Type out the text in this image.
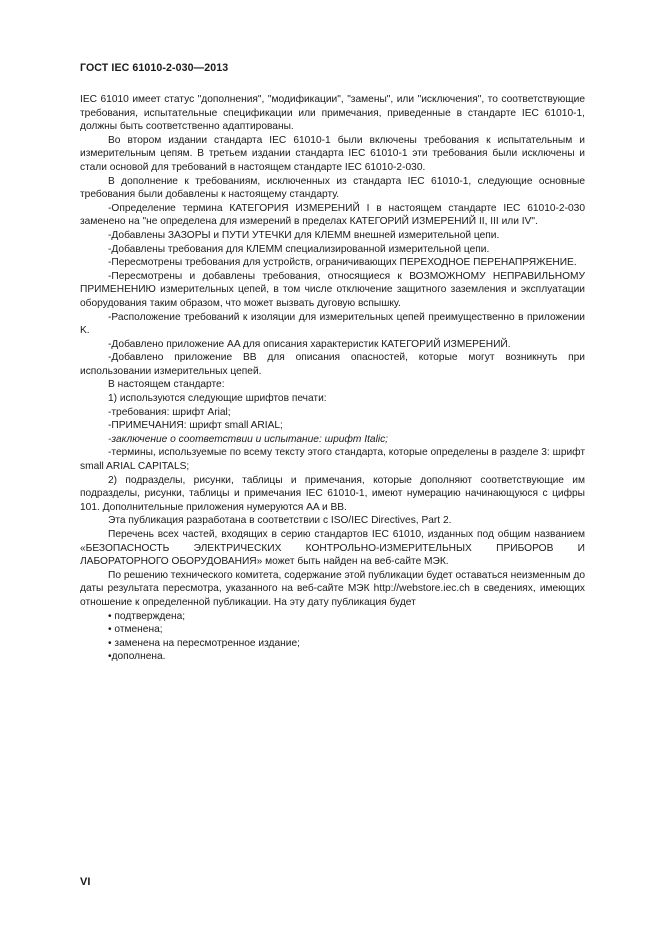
ГОСТ IEC 61010-2-030—2013

IEC 61010 имеет статус "дополнения", "модификации", "замены", или "исключения", то соответствующие требования, испытательные спецификации или примечания, приведенные в стандарте IEC 61010-1, должны быть соответственно адаптированы.

Во втором издании стандарта IEC 61010-1 были включены требования к испытательным и измерительным цепям. В третьем издании стандарта IEC 61010-1 эти требования были исключены и стали основой для требований в настоящем стандарте IEC 61010-2-030.

В дополнение к требованиям, исключенных из стандарта IEC 61010-1, следующие основные требования были добавлены к настоящему стандарту.

-Определение термина КАТЕГОРИЯ ИЗМЕРЕНИЙ I в настоящем стандарте IEC 61010-2-030 заменено на "не определена для измерений в пределах КАТЕГОРИЙ ИЗМЕРЕНИЙ II, III или IV".

-Добавлены ЗАЗОРЫ и ПУТИ УТЕЧКИ для КЛЕММ внешней измерительной цепи.

-Добавлены требования для КЛЕММ специализированной измерительной цепи.

-Пересмотрены требования для устройств, ограничивающих ПЕРЕХОДНОЕ ПЕРЕНАПРЯЖЕНИЕ.

-Пересмотрены и добавлены требования, относящиеся к ВОЗМОЖНОМУ НЕПРАВИЛЬНОМУ ПРИМЕНЕНИЮ измерительных цепей, в том числе отключение защитного заземления и эксплуатации оборудования таким образом, что может вызвать дуговую вспышку.

-Расположение требований к изоляции для измерительных цепей преимущественно в приложении K.

-Добавлено приложение AA для описания характеристик КАТЕГОРИЙ ИЗМЕРЕНИЙ.

-Добавлено приложение BB для описания опасностей, которые могут возникнуть при использовании измерительных цепей.

В настоящем стандарте:

1) используются следующие шрифтов печати:

-требования: шрифт Arial;

-ПРИМЕЧАНИЯ: шрифт small ARIAL;

-заключение о соответствии и испытание: шрифт Italic;

-термины, используемые по всему тексту этого стандарта, которые определены в разделе 3: шрифт small ARIAL CAPITALS;

2) подразделы, рисунки, таблицы и примечания, которые дополняют соответствующие им подразделы, рисунки, таблицы и примечания IEC 61010-1, имеют нумерацию начинающуюся с цифры 101. Дополнительные приложения нумеруются AA и BB.

Эта публикация разработана в соответствии с ISO/IEC Directives, Part 2.

Перечень всех частей, входящих в серию стандартов IEC 61010, изданных под общим названием «БЕЗОПАСНОСТЬ ЭЛЕКТРИЧЕСКИХ КОНТРОЛЬНО-ИЗМЕРИТЕЛЬНЫХ ПРИБОРОВ И ЛАБОРАТОРНОГО ОБОРУДОВАНИЯ» может быть найден на веб-сайте МЭК.

По решению технического комитета, содержание этой публикации будет оставаться неизменным до даты результата пересмотра, указанного на веб-сайте МЭК http://webstore.iec.ch в сведениях, имеющих отношение к определенной публикации. На эту дату публикация будет

• подтверждена;

• отменена;

• заменена на пересмотренное издание;

•дополнена.

VI
